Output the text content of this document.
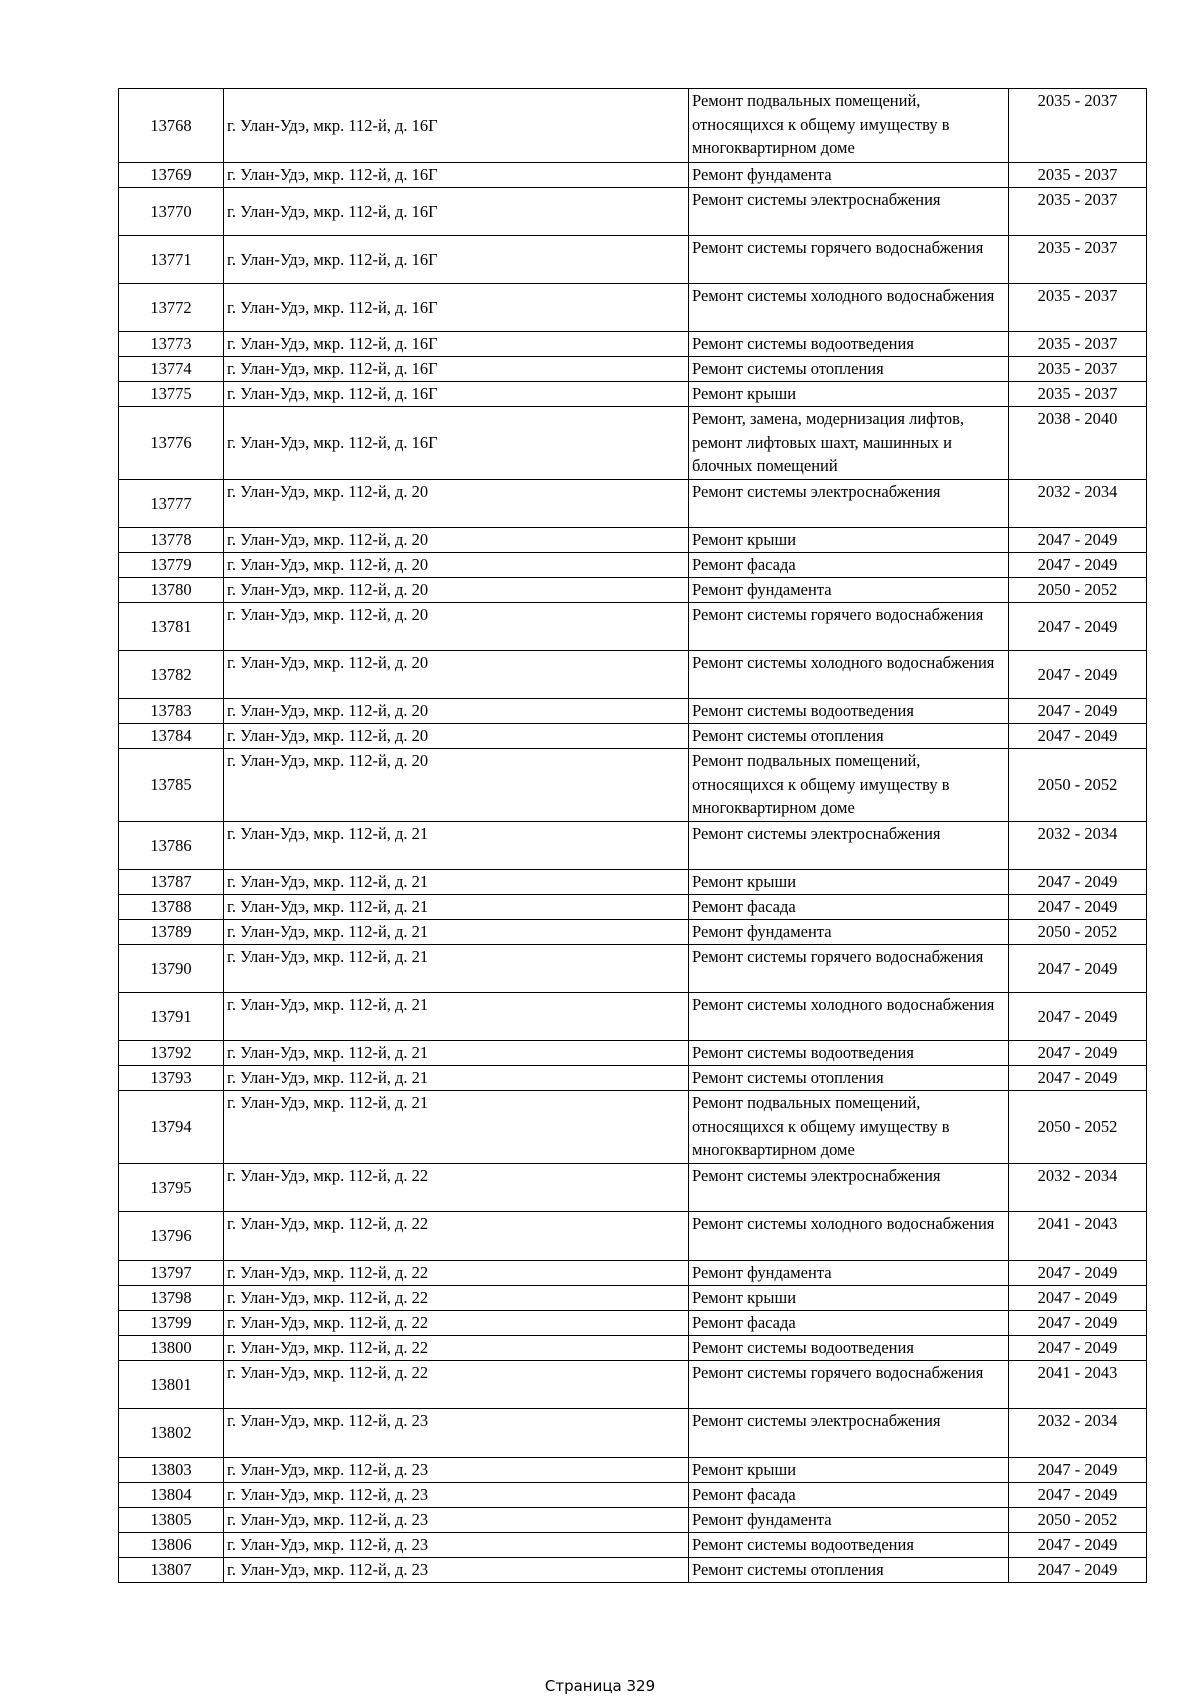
13768	г. Улан-Удэ, мкр. 112-й, д. 16Г	Ремонт подвальных помещений, относящихся к общему имуществу в многоквартирном доме	2035 - 2037
13769	г. Улан-Удэ, мкр. 112-й, д. 16Г	Ремонт фундамента	2035 - 2037
13770	г. Улан-Удэ, мкр. 112-й, д. 16Г	Ремонт системы электроснабжения	2035 - 2037
13771	г. Улан-Удэ, мкр. 112-й, д. 16Г	Ремонт системы горячего водоснабжения	2035 - 2037
13772	г. Улан-Удэ, мкр. 112-й, д. 16Г	Ремонт системы холодного водоснабжения	2035 - 2037
13773	г. Улан-Удэ, мкр. 112-й, д. 16Г	Ремонт системы водоотведения	2035 - 2037
13774	г. Улан-Удэ, мкр. 112-й, д. 16Г	Ремонт системы отопления	2035 - 2037
13775	г. Улан-Удэ, мкр. 112-й, д. 16Г	Ремонт крыши	2035 - 2037
13776	г. Улан-Удэ, мкр. 112-й, д. 16Г	Ремонт, замена, модернизация лифтов, ремонт лифтовых шахт, машинных и блочных помещений	2038 - 2040
13777	г. Улан-Удэ, мкр. 112-й, д. 20	Ремонт системы электроснабжения	2032 - 2034
13778	г. Улан-Удэ, мкр. 112-й, д. 20	Ремонт крыши	2047 - 2049
13779	г. Улан-Удэ, мкр. 112-й, д. 20	Ремонт фасада	2047 - 2049
13780	г. Улан-Удэ, мкр. 112-й, д. 20	Ремонт фундамента	2050 - 2052
13781	г. Улан-Удэ, мкр. 112-й, д. 20	Ремонт системы горячего водоснабжения	2047 - 2049
13782	г. Улан-Удэ, мкр. 112-й, д. 20	Ремонт системы холодного водоснабжения	2047 - 2049
13783	г. Улан-Удэ, мкр. 112-й, д. 20	Ремонт системы водоотведения	2047 - 2049
13784	г. Улан-Удэ, мкр. 112-й, д. 20	Ремонт системы отопления	2047 - 2049
13785	г. Улан-Удэ, мкр. 112-й, д. 20	Ремонт подвальных помещений, относящихся к общему имуществу в многоквартирном доме	2050 - 2052
13786	г. Улан-Удэ, мкр. 112-й, д. 21	Ремонт системы электроснабжения	2032 - 2034
13787	г. Улан-Удэ, мкр. 112-й, д. 21	Ремонт крыши	2047 - 2049
13788	г. Улан-Удэ, мкр. 112-й, д. 21	Ремонт фасада	2047 - 2049
13789	г. Улан-Удэ, мкр. 112-й, д. 21	Ремонт фундамента	2050 - 2052
13790	г. Улан-Удэ, мкр. 112-й, д. 21	Ремонт системы горячего водоснабжения	2047 - 2049
13791	г. Улан-Удэ, мкр. 112-й, д. 21	Ремонт системы холодного водоснабжения	2047 - 2049
13792	г. Улан-Удэ, мкр. 112-й, д. 21	Ремонт системы водоотведения	2047 - 2049
13793	г. Улан-Удэ, мкр. 112-й, д. 21	Ремонт системы отопления	2047 - 2049
13794	г. Улан-Удэ, мкр. 112-й, д. 21	Ремонт подвальных помещений, относящихся к общему имуществу в многоквартирном доме	2050 - 2052
13795	г. Улан-Удэ, мкр. 112-й, д. 22	Ремонт системы электроснабжения	2032 - 2034
13796	г. Улан-Удэ, мкр. 112-й, д. 22	Ремонт системы холодного водоснабжения	2041 - 2043
13797	г. Улан-Удэ, мкр. 112-й, д. 22	Ремонт фундамента	2047 - 2049
13798	г. Улан-Удэ, мкр. 112-й, д. 22	Ремонт крыши	2047 - 2049
13799	г. Улан-Удэ, мкр. 112-й, д. 22	Ремонт фасада	2047 - 2049
13800	г. Улан-Удэ, мкр. 112-й, д. 22	Ремонт системы водоотведения	2047 - 2049
13801	г. Улан-Удэ, мкр. 112-й, д. 22	Ремонт системы горячего водоснабжения	2041 - 2043
13802	г. Улан-Удэ, мкр. 112-й, д. 23	Ремонт системы электроснабжения	2032 - 2034
13803	г. Улан-Удэ, мкр. 112-й, д. 23	Ремонт крыши	2047 - 2049
13804	г. Улан-Удэ, мкр. 112-й, д. 23	Ремонт фасада	2047 - 2049
13805	г. Улан-Удэ, мкр. 112-й, д. 23	Ремонт фундамента	2050 - 2052
13806	г. Улан-Удэ, мкр. 112-й, д. 23	Ремонт системы водоотведения	2047 - 2049
13807	г. Улан-Удэ, мкр. 112-й, д. 23	Ремонт системы отопления	2047 - 2049
Страница 329
